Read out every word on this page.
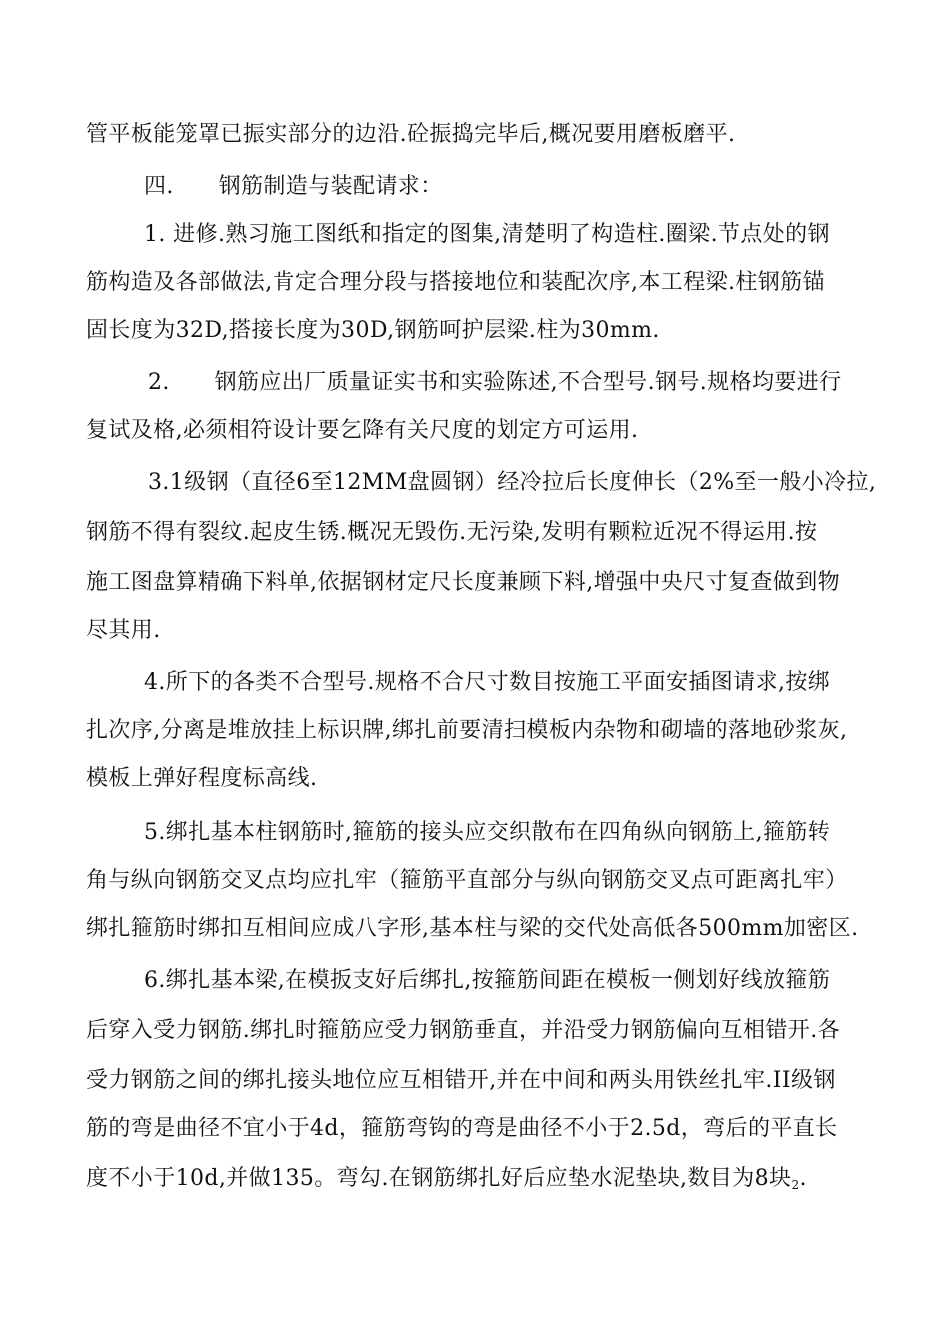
管平板能笼罩已振实部分的边沿.砼振捣完毕后,概况要用磨板磨平.
四.　　钢筋制造与装配请求：
1. 进修.熟习施工图纸和指定的图集,清楚明了构造柱.圈梁.节点处的钢
筋构造及各部做法,肯定合理分段与搭接地位和装配次序,本工程梁.柱钢筋锚
固长度为32D,搭接长度为30D,钢筋呵护层梁.柱为30mm.
2.　　钢筋应出厂质量证实书和实验陈述,不合型号.钢号.规格均要进行
复试及格,必须相符设计要乞降有关尺度的划定方可运用.
3.1级钢（直径6至12MM盘圆钢）经冷拉后长度伸长（2%至一般小冷拉,
钢筋不得有裂纹.起皮生锈.概况无毁伤.无污染,发明有颗粒近况不得运用.按
施工图盘算精确下料单,依据钢材定尺长度兼顾下料,增强中央尺寸复查做到物
尽其用.
4.所下的各类不合型号.规格不合尺寸数目按施工平面安插图请求,按绑
扎次序,分离是堆放挂上标识牌,绑扎前要清扫模板内杂物和砌墙的落地砂浆灰,
模板上弹好程度标高线.
5.绑扎基本柱钢筋时,箍筋的接头应交织散布在四角纵向钢筋上,箍筋转
角与纵向钢筋交叉点均应扎牢（箍筋平直部分与纵向钢筋交叉点可距离扎牢）
绑扎箍筋时绑扣互相间应成八字形,基本柱与梁的交代处高低各500mm加密区.
6.绑扎基本梁,在模扳支好后绑扎,按箍筋间距在模板一侧划好线放箍筋
后穿入受力钢筋.绑扎时箍筋应受力钢筋垂直，并沿受力钢筋偏向互相错开.各
受力钢筋之间的绑扎接头地位应互相错开,并在中间和两头用铁丝扎牢.II级钢
筋的弯是曲径不宜小于4d，箍筋弯钩的弯是曲径不小于2.5d，弯后的平直长
度不小于10d,并做135。弯勾.在钢筋绑扎好后应垫水泥垫块,数目为8块$_2$.
